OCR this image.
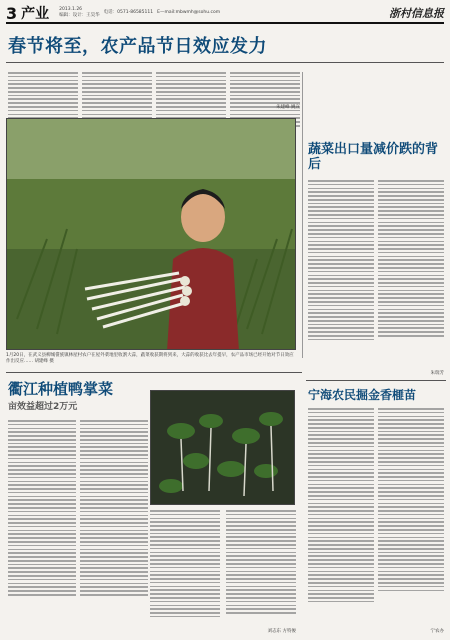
3 产业 2013.1.26
编辑：设计：王昊华
电话：0571-86585111 E—mail:mbwmh@sohu.com	浙村信息报
春节将至，农产品节日效应发力
朱建峰 姚宣
1月20日，在武义县柳城畲族镇林屋村农户在屋外菜地里收割大蒜，蔬菜收获期将到来，大蒜的收获比去年提早，农产品市场已经开始对节日效应作出反应…… 胡建峰 摄
蔬菜出口量减价跌的背后
朱瑞芳
宁海农民掘金香榧苗
宁农办
衢江种植鸭掌菜
亩效益超过2万元
刘志东 方特俊
